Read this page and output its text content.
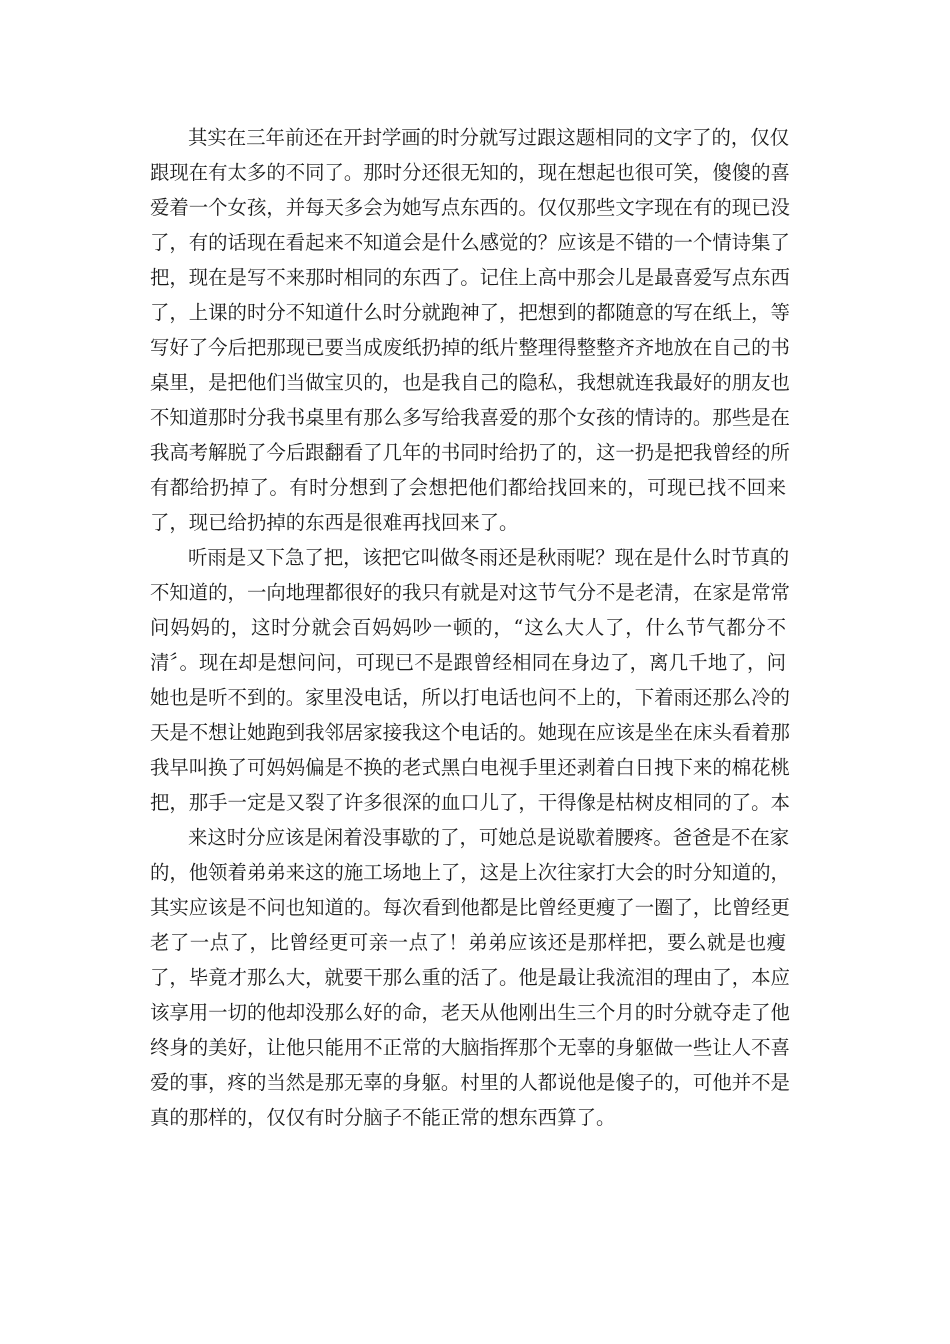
其实在三年前还在开封学画的时分就写过跟这题相同的文字了的，仅仅
跟现在有太多的不同了。那时分还很无知的，现在想起也很可笑，傻傻的喜
爱着一个女孩，并每天多会为她写点东西的。仅仅那些文字现在有的现已没
了，有的话现在看起来不知道会是什么感觉的？应该是不错的一个情诗集了
把，现在是写不来那时相同的东西了。记住上高中那会儿是最喜爱写点东西
了，上课的时分不知道什么时分就跑神了，把想到的都随意的写在纸上，等
写好了今后把那现已要当成废纸扔掉的纸片整理得整整齐齐地放在自己的书
桌里，是把他们当做宝贝的，也是我自己的隐私，我想就连我最好的朋友也
不知道那时分我书桌里有那么多写给我喜爱的那个女孩的情诗的。那些是在
我高考解脱了今后跟翻看了几年的书同时给扔了的，这一扔是把我曾经的所
有都给扔掉了。有时分想到了会想把他们都给找回来的，可现已找不回来
了，现已给扔掉的东西是很难再找回来了。
听雨是又下急了把，该把它叫做冬雨还是秋雨呢？现在是什么时节真的
不知道的，一向地理都很好的我只有就是对这节气分不是老清，在家是常常
问妈妈的，这时分就会百妈妈吵一顿的，“这么大人了，什么节气都分不
清〞。现在却是想问问，可现已不是跟曾经相同在身边了，离几千地了，问
她也是听不到的。家里没电话，所以打电话也问不上的，下着雨还那么冷的
天是不想让她跑到我邻居家接我这个电话的。她现在应该是坐在床头看着那
我早叫换了可妈妈偏是不换的老式黑白电视手里还剥着白日拽下来的棉花桃
把，那手一定是又裂了许多很深的血口儿了，干得像是枯树皮相同的了。本
来这时分应该是闲着没事歇的了，可她总是说歇着腰疼。爸爸是不在家
的，他领着弟弟来这的施工场地上了，这是上次往家打大会的时分知道的，
其实应该是不问也知道的。每次看到他都是比曾经更瘦了一圈了，比曾经更
老了一点了，比曾经更可亲一点了！弟弟应该还是那样把，要么就是也瘦
了，毕竟才那么大，就要干那么重的活了。他是最让我流泪的理由了，本应
该享用一切的他却没那么好的命，老天从他刚出生三个月的时分就夺走了他
终身的美好，让他只能用不正常的大脑指挥那个无辜的身躯做一些让人不喜
爱的事，疼的当然是那无辜的身躯。村里的人都说他是傻子的，可他并不是
真的那样的，仅仅有时分脑子不能正常的想东西算了。
